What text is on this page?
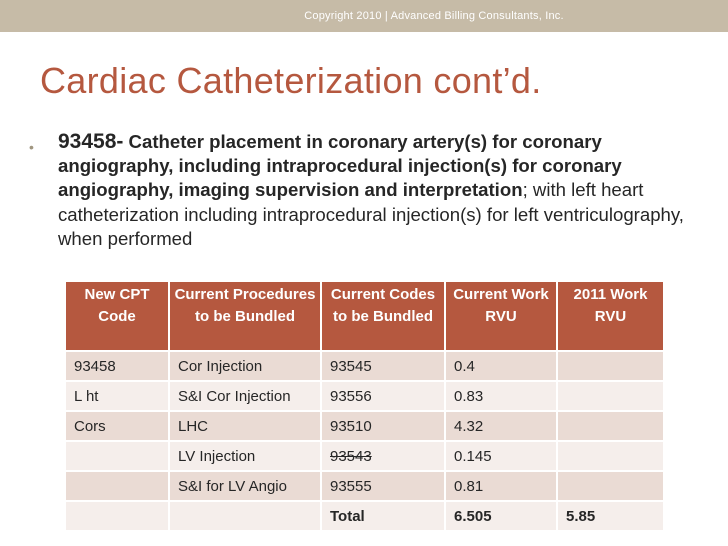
Copyright 2010 | Advanced Billing Consultants, Inc.
Cardiac Catheterization cont’d.
• 93458- Catheter placement in coronary artery(s) for coronary angiography, including intraprocedural injection(s) for coronary angiography, imaging supervision and interpretation; with left heart catheterization including intraprocedural injection(s) for left ventriculography, when performed
New CPT Code	Current Procedures to be Bundled	Current Codes to be Bundled	Current Work RVU	2011 Work RVU
93458	Cor Injection	93545	0.4	
L ht	S&I Cor Injection	93556	0.83	
Cors	LHC	93510	4.32	
	LV Injection	93543	0.145	
	S&I for LV Angio	93555	0.81	
		Total	6.505	5.85
